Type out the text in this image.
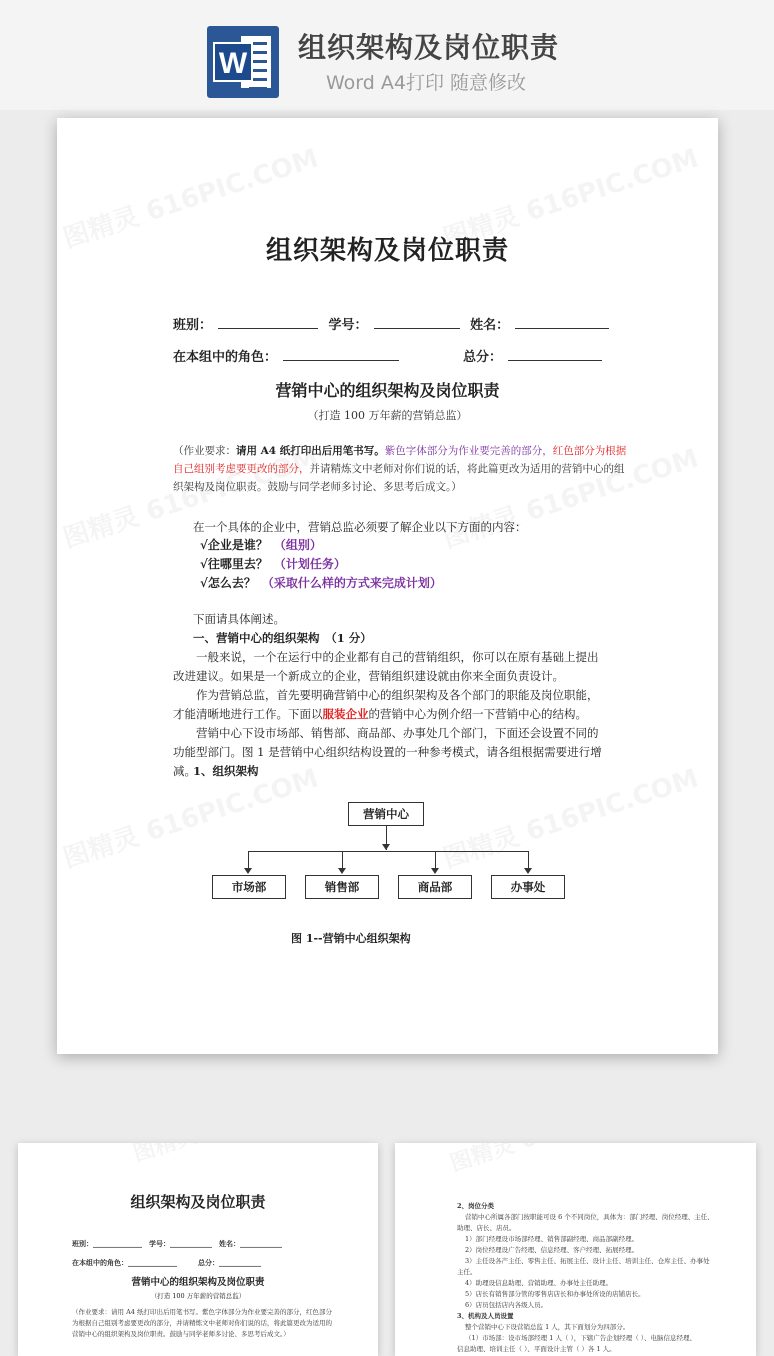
W 组织架构及岗位职责
Word A4打印 随意修改
组织架构及岗位职责
班别：	学号：	姓名：
在本组中的角色：	总分：
营销中心的组织架构及岗位职责
（打造 100 万年薪的营销总监）
（作业要求：请用 A4 纸打印出后用笔书写。紫色字体部分为作业要完善的部分，红色部分为根据自己组别考虑要更改的部分，并请精炼文中老师对你们说的话，将此篇更改为适用的营销中心的组织架构及岗位职责。鼓励与同学老师多讨论、多思考后成文。）
在一个具体的企业中，营销总监必须要了解企业以下方面的内容：
√企业是谁？ （组别）
√往哪里去？ （计划任务）
√怎么去？ （采取什么样的方式来完成计划）
下面请具体阐述。
一、营销中心的组织架构　（1 分）
一般来说，一个在运行中的企业都有自己的营销组织，你可以在原有基础上提出改进建议。如果是一个新成立的企业，营销组织建设就由你来全面负责设计。
作为营销总监，首先要明确营销中心的组织架构及各个部门的职能及岗位职能，才能清晰地进行工作。下面以服装企业的营销中心为例介绍一下营销中心的结构。
营销中心下设市场部、销售部、商品部、办事处几个部门，下面还会设置不同的功能型部门。图 1 是营销中心组织结构设置的一种参考模式，请各组根据需要进行增减。
1、组织架构
营销中心
市场部	销售部	商品部	办事处
图 1--营销中心组织架构
组织架构及岗位职责
班别：______________　学号：____________　姓名：____________
在本组中的角色：______________　　　总分：____________
营销中心的组织架构及岗位职责
（打造 100 万年薪的营销总监）
（作业要求：请用 A4 纸打印出后用笔书写。紫色字体部分为作业要完善的部分，红色部分
为根据自己组别考虑要更改的部分，并请精炼文中老师对你们说的话，将此篇更改为适用的
营销中心的组织架构及岗位职责。鼓励与同学老师多讨论、多思考后成文。）
2、岗位分类
营销中心所属各部门按职能可设 6 个不同岗位，具体为：部门经理、岗位经理、主任、
助理、店长、店员。
1）部门经理设市场部经理、销售部副经理、商品部副经理。
2）岗位经理设广告经理、信息经理、客户经理、拓展经理。
3）主任设各产主任、零售主任、拓展主任、设计主任、培训主任、仓库主任、办事处
主任。
4）助理设信息助理、营销助理、办事处主任助理。
5）店长有销售部分管的零售店店长和办事处所设的店铺店长。
6）店员包括店内各级人员。
3、机构及人员设置
整个营销中心下设营销总监 1 人，其下面划分为四部分。
（1）市场部：设市场部经理 1 人（ ），下辖广告企划经理（ ）、电脑信息经理、
信息助理、培训主任（ ）、平面设计主管（ ）各 1 人。
